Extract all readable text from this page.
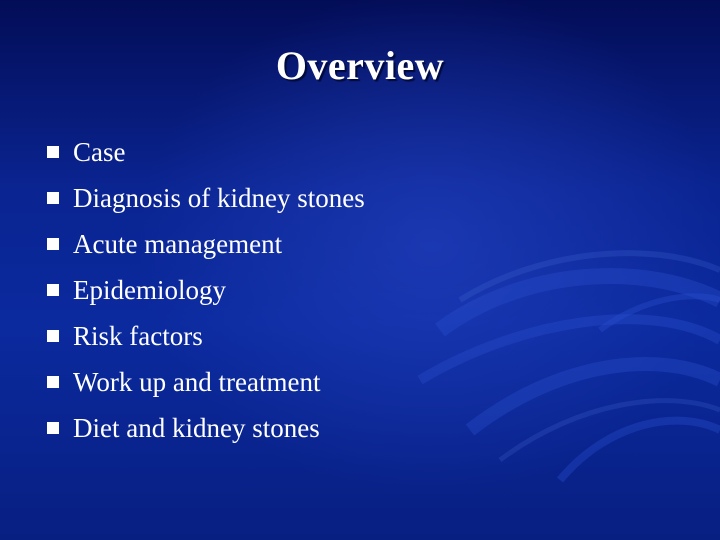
Overview
Case
Diagnosis of kidney stones
Acute management
Epidemiology
Risk factors
Work up and treatment
Diet and kidney stones
